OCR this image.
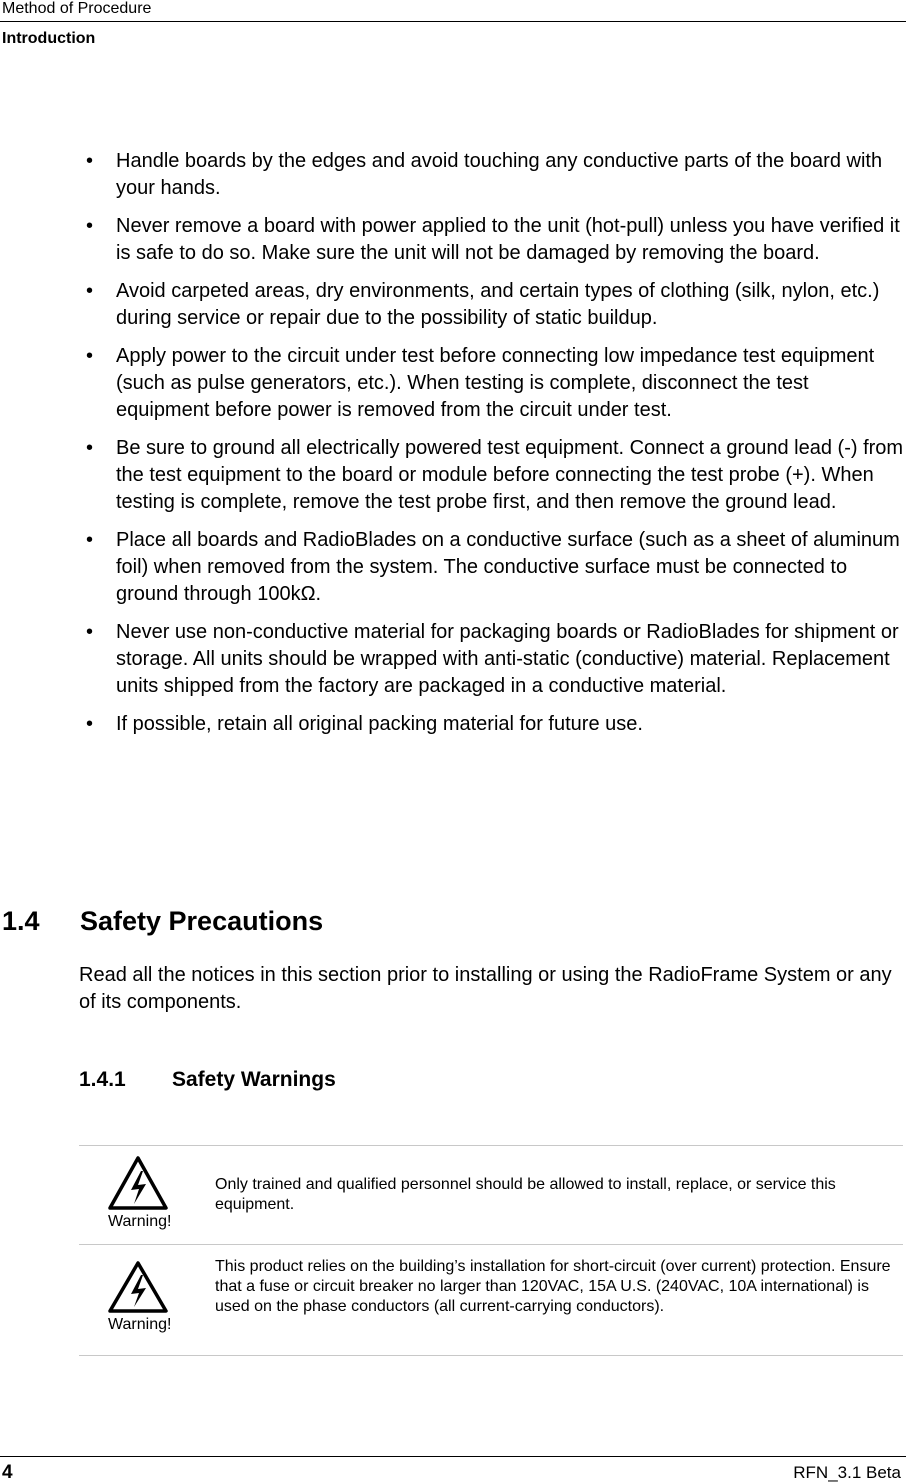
Method of Procedure
Introduction
• Handle boards by the edges and avoid touching any conductive parts of the board with your hands.
• Never remove a board with power applied to the unit (hot-pull) unless you have verified it is safe to do so. Make sure the unit will not be damaged by removing the board.
• Avoid carpeted areas, dry environments, and certain types of clothing (silk, nylon, etc.) during service or repair due to the possibility of static buildup.
• Apply power to the circuit under test before connecting low impedance test equipment (such as pulse generators, etc.). When testing is complete, disconnect the test equipment before power is removed from the circuit under test.
• Be sure to ground all electrically powered test equipment. Connect a ground lead (-) from the test equipment to the board or module before connecting the test probe (+). When testing is complete, remove the test probe first, and then remove the ground lead.
• Place all boards and RadioBlades on a conductive surface (such as a sheet of aluminum foil) when removed from the system. The conductive surface must be connected to ground through 100kΩ.
• Never use non-conductive material for packaging boards or RadioBlades for shipment or storage. All units should be wrapped with anti-static (conductive) material. Replacement units shipped from the factory are packaged in a conductive material.
• If possible, retain all original packing material for future use.
1.4 Safety Precautions
Read all the notices in this section prior to installing or using the RadioFrame System or any of its components.
1.4.1 Safety Warnings
Warning!
Only trained and qualified personnel should be allowed to install, replace, or service this equipment.
Warning!
This product relies on the building’s installation for short-circuit (over current) protection. Ensure that a fuse or circuit breaker no larger than 120VAC, 15A U.S. (240VAC, 10A international) is used on the phase conductors (all current-carrying conductors).
4	RFN_3.1 Beta
